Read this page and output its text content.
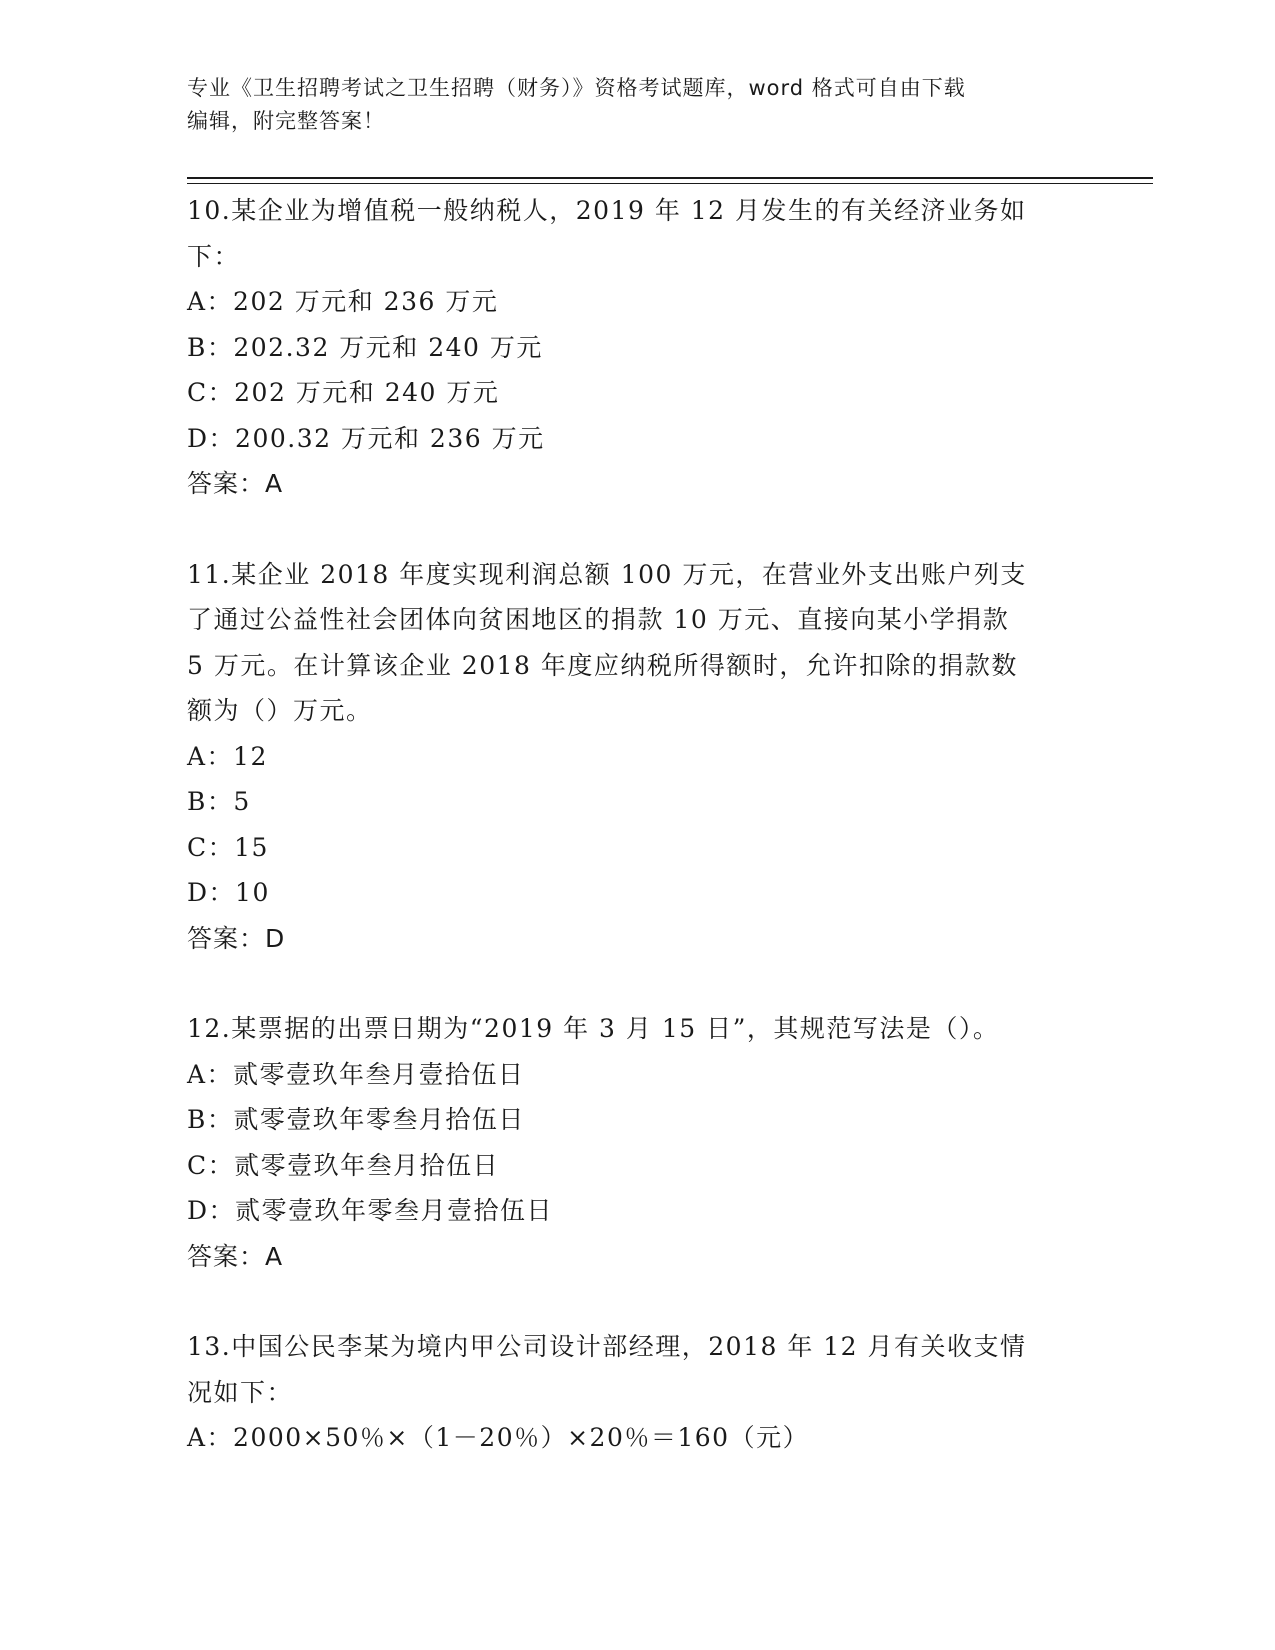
专业《卫生招聘考试之卫生招聘（财务）》资格考试题库，word 格式可自由下载
编辑，附完整答案！
10.某企业为增值税一般纳税人，2019 年 12 月发生的有关经济业务如
下：
A：202 万元和 236 万元
B：202.32 万元和 240 万元
C：202 万元和 240 万元
D：200.32 万元和 236 万元
答案：A
11.某企业 2018 年度实现利润总额 100 万元，在营业外支出账户列支
了通过公益性社会团体向贫困地区的捐款 10 万元、直接向某小学捐款
5 万元。在计算该企业 2018 年度应纳税所得额时，允许扣除的捐款数
额为（）万元。
A：12
B：5
C：15
D：10
答案：D
12.某票据的出票日期为“2019 年 3 月 15 日”，其规范写法是（）。
A：贰零壹玖年叁月壹拾伍日
B：贰零壹玖年零叁月拾伍日
C：贰零壹玖年叁月拾伍日
D：贰零壹玖年零叁月壹拾伍日
答案：A
13.中国公民李某为境内甲公司设计部经理，2018 年 12 月有关收支情
况如下：
A：2000×50％×（1－20％）×20％＝160（元）
